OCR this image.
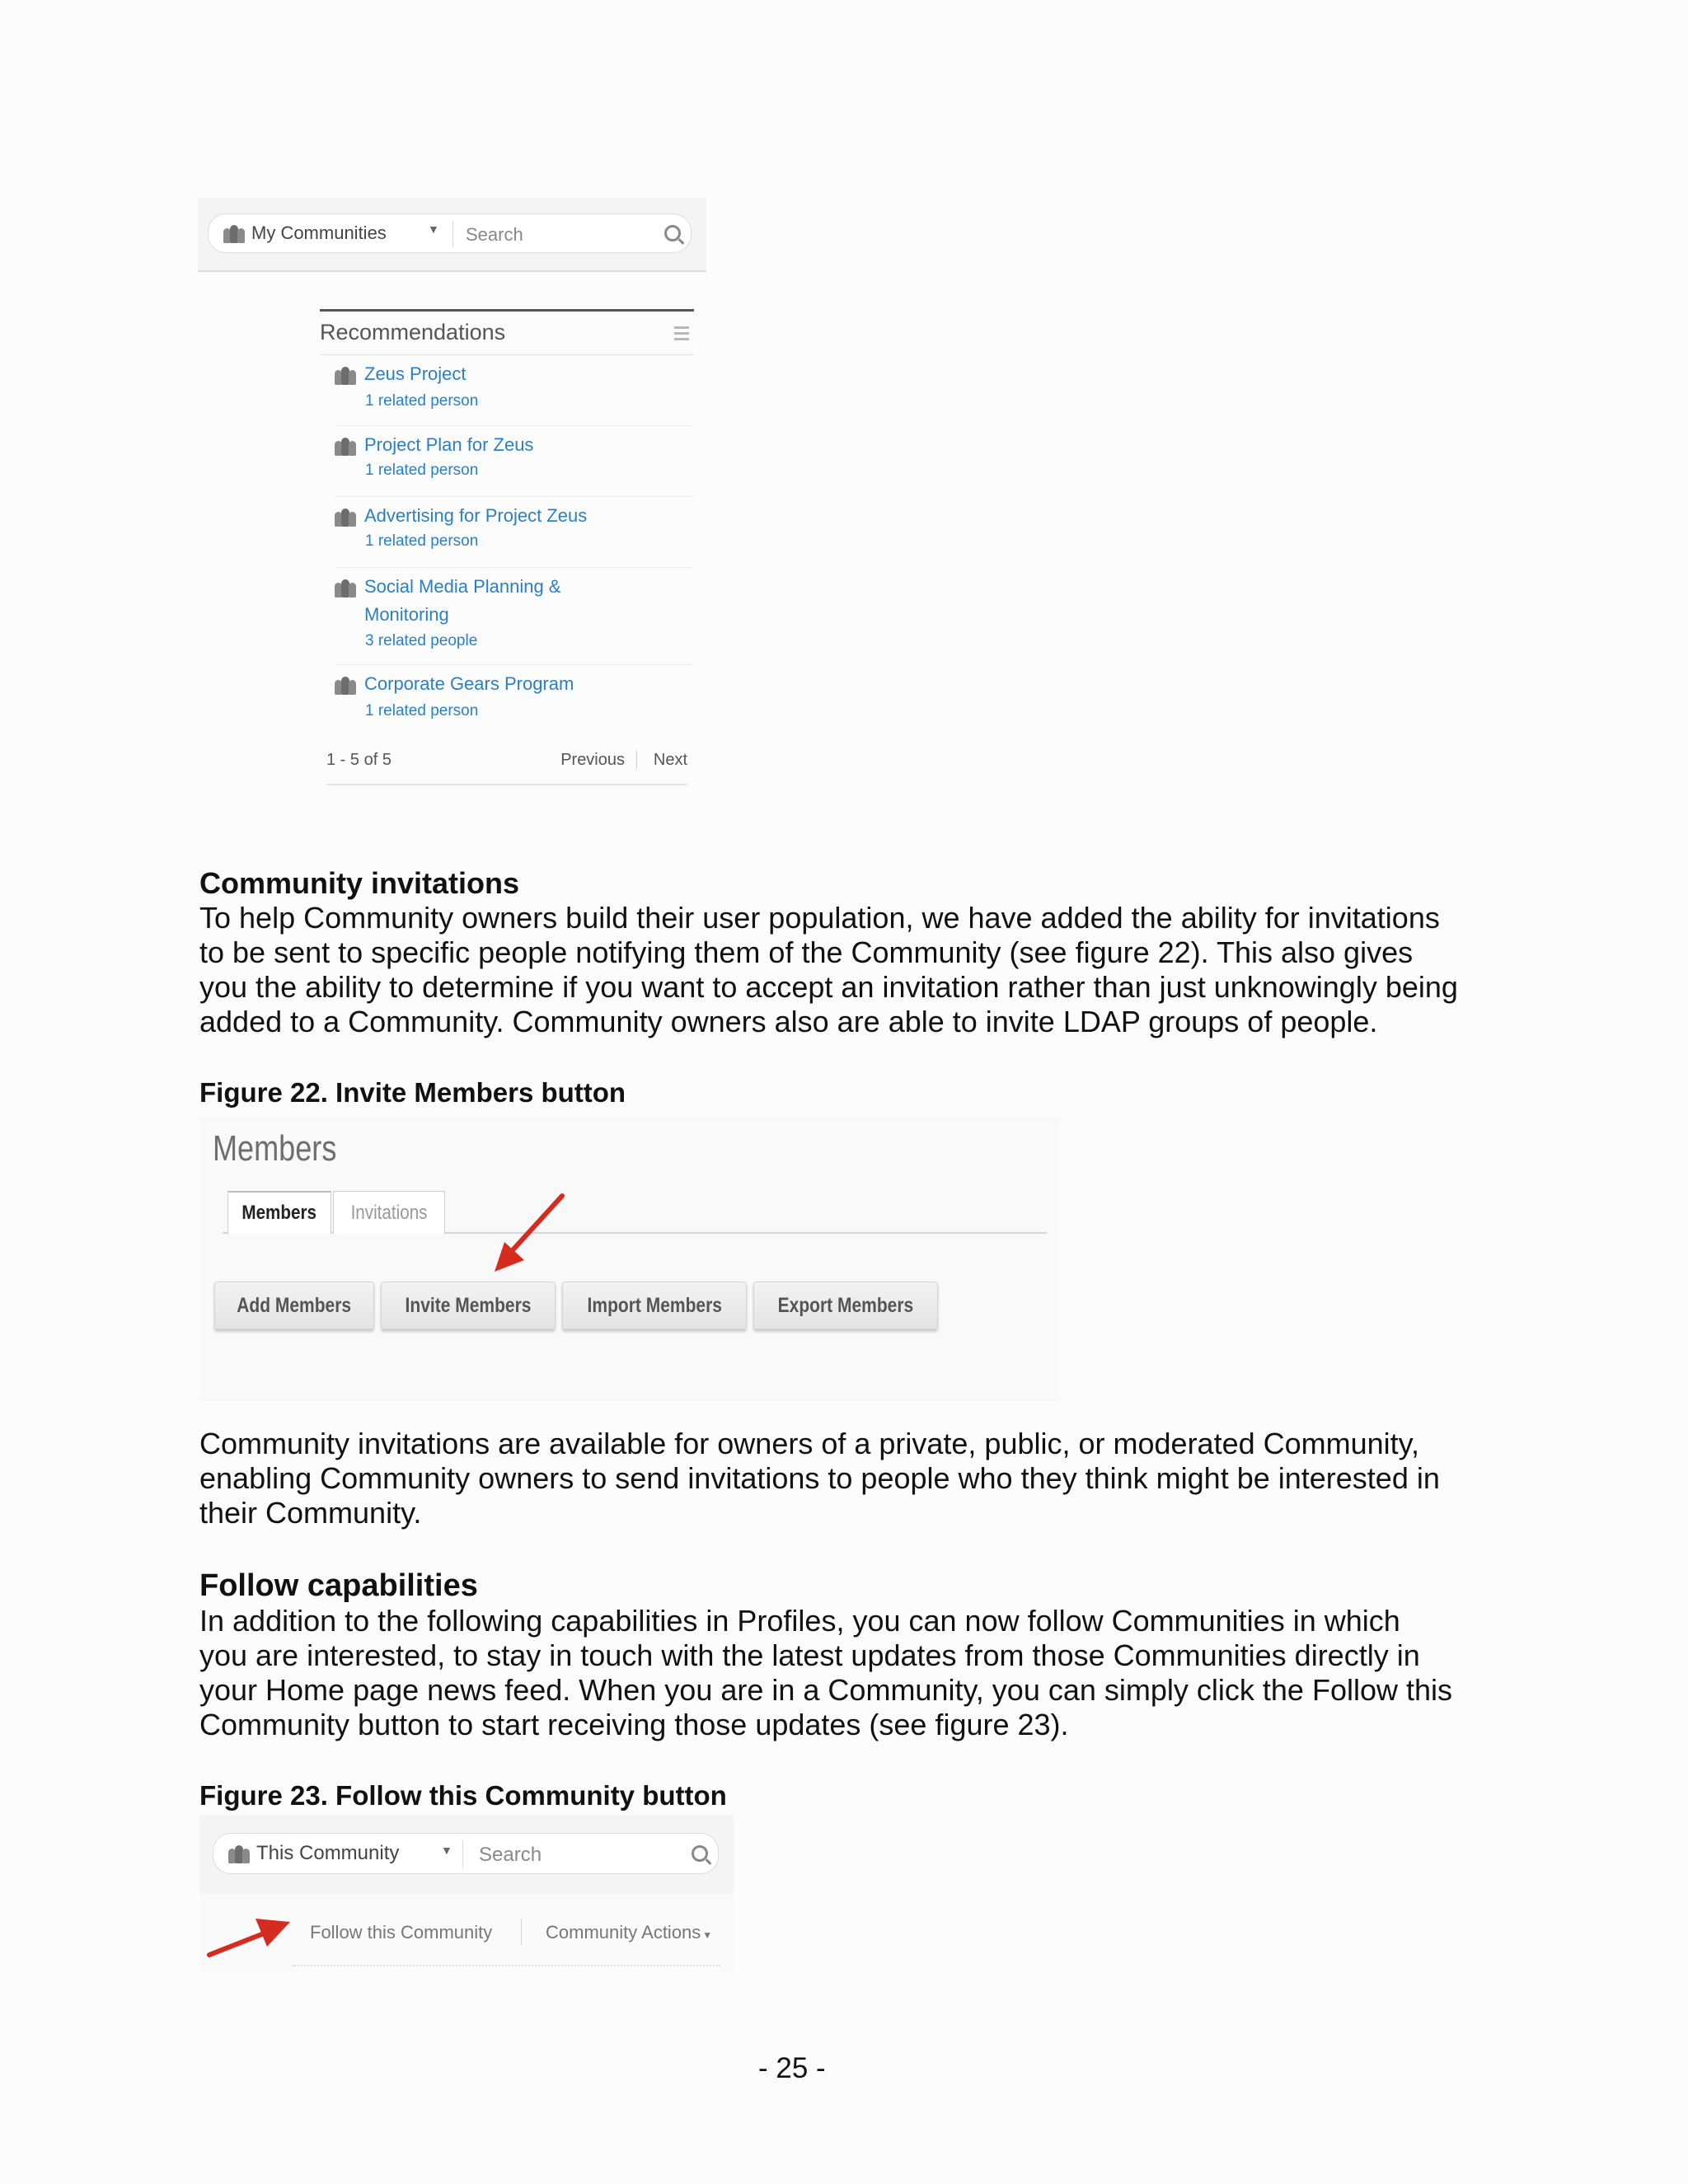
My Communities	▼ Search
Recommendations
Zeus Project
1 related person
Project Plan for Zeus
1 related person
Advertising for Project Zeus
1 related person
Social Media Planning &
Monitoring
3 related people
Corporate Gears Program
1 related person
1 - 5 of 5	Previous Next
Community invitations
To help Community owners build their user population, we have added the ability for invitations
to be sent to specific people notifying them of the Community (see figure 22). This also gives
you the ability to determine if you want to accept an invitation rather than just unknowingly being
added to a Community. Community owners also are able to invite LDAP groups of people.
Figure 22. Invite Members button
Members
Members Invitations
Add Members	Invite Members	Import Members	Export Members
Community invitations are available for owners of a private, public, or moderated Community,
enabling Community owners to send invitations to people who they think might be interested in
their Community.
Follow capabilities
In addition to the following capabilities in Profiles, you can now follow Communities in which
you are interested, to stay in touch with the latest updates from those Communities directly in
your Home page news feed. When you are in a Community, you can simply click the Follow this
Community button to start receiving those updates (see figure 23).
Figure 23. Follow this Community button
This Community	▼ Search
Follow this Community	Community Actions ▼
- 25 -
